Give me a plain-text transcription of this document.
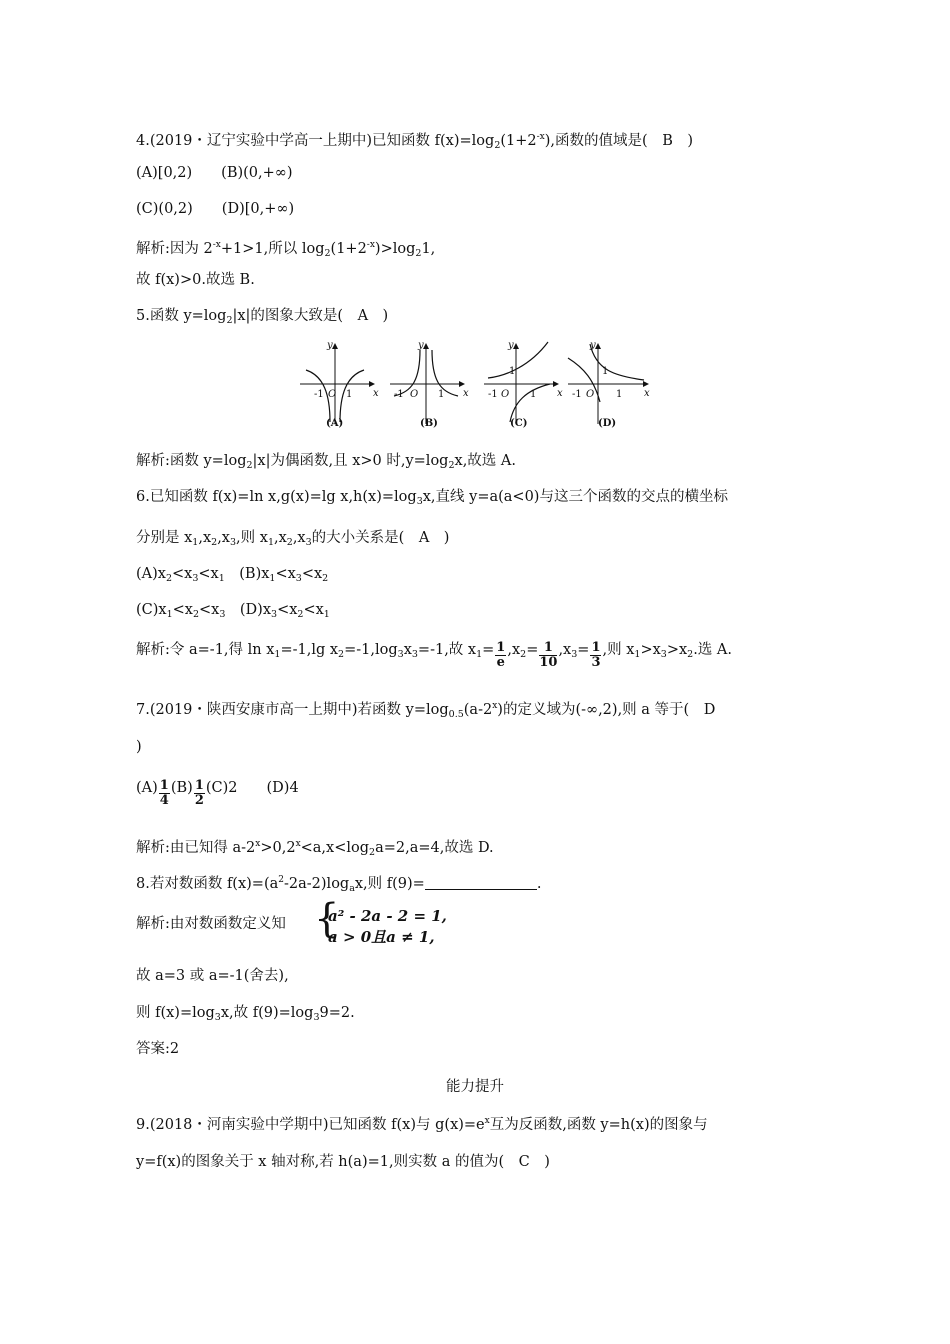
4.(2019・辽宁实验中学高一上期中)已知函数 $f(x)=\log_2(1+2^{-x})$,函数的值域是(　B　)
(A)[0,2)　　(B)(0,+∞)
(C)(0,2)　　(D)[0,+∞)
解析:因为 $2^{-x}+1>1$,所以 $\log_2(1+2^{-x})>\log_21$,
故 f(x)>0.故选 B.
5.函数 $y=\log_2|x|$的图象大致是(　A　)
y
x
-1 O 1
(A)
y
x
-1 O 1
(B)
y
x
1
-1 O 1
(C)
y
x
1
-1 O 1
(D)
解析:函数 $y=\log_2|x|$为偶函数,且 x>0 时$,y=\log_2x$,故选 A.
6.已知函数 f(x)=ln x,g(x)=lg $x,h(x)=\log_3x$,直线 y=a(a<0)与这三个函数的交点的横坐标
分别是 $x_1,x_2,x_3$,则 $x_1,x_2,x_3$的大小关系是(　A　)
$(A)x_2<x_3<x_1$　$(B)x_1<x_3<x_2$
$(C)x_1<x_2<x_3$　$(D)x_3<x_2<x_1$
解析:令 a=-1,得 $\ln x_1=-1,\lg$ $x_2=-1,\log_3x_3=-1$,故 $x_1= \frac{1}{e} ,x_2= \frac{1}{10} ,x_3= \frac{1}{3}$ ,则 $x_1>x_3>x_2$.选 A.
7.(2019・陕西安康市高一上期中)若函数 $y=\log_{0.5}(a-2^x)$的定义域为(-∞,2),则 a 等于(　D
)
$(A) \frac{1}{4} (B) \frac{1}{2} (C)2$　　(D)4
解析:由已知得 $a-2^x>0,2^x<a,x<\log_2a=2,a=4$,故选 D.
8.若对数函数 $f(x)=(a^2-2a-2)\log_ax$,则 f(9)=	.
解析:由对数函数定义知 {
a² - 2a - 2 = 1,
a > 0且a ≠ 1,
故 a=3 或 a=-1(舍去),
则 $f(x)=\log_3x$,故 $f(9)=\log_39=2$.
答案:2
能力提升
9.(2018・河南实验中学期中)已知函数 f(x)与 $g(x)=e^x$互为反函数,函数 y=h(x)的图象与
y=f(x)的图象关于 x 轴对称,若 h(a)=1,则实数 a 的值为(　C　)
